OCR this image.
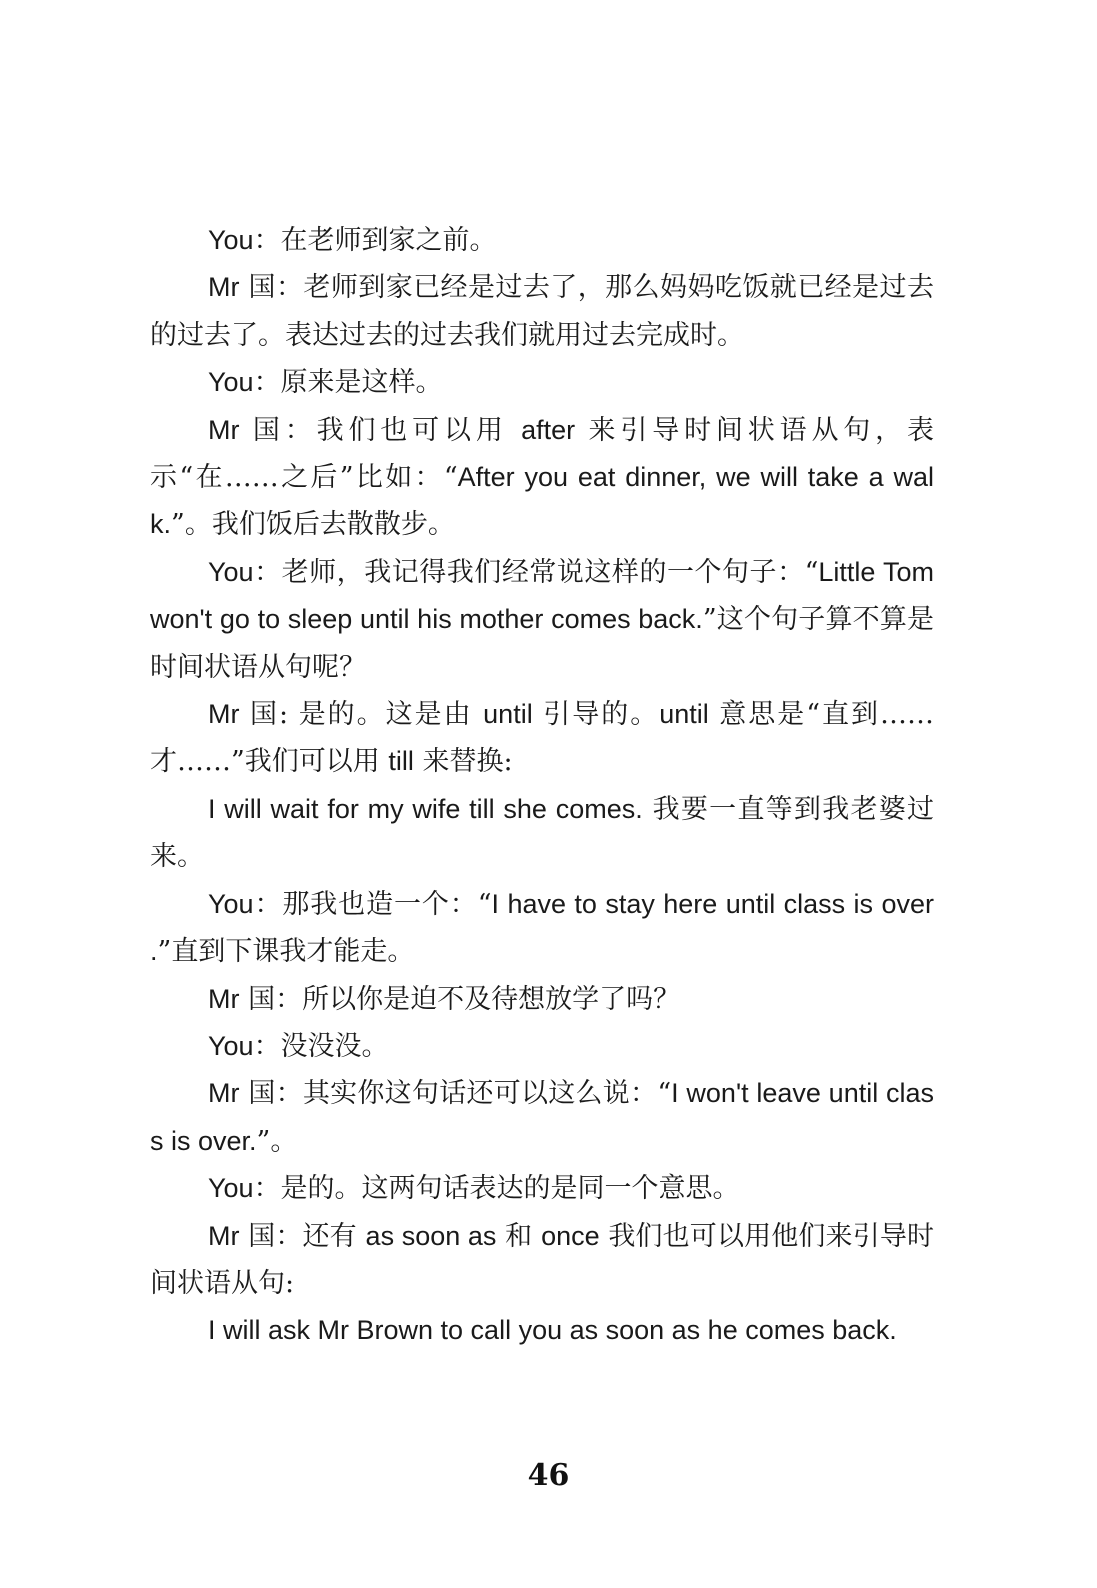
You：在老师到家之前。

Mr 国：老师到家已经是过去了，那么妈妈吃饭就已经是过去的过去了。表达过去的过去我们就用过去完成时。

You：原来是这样。

Mr 国：我们也可以用 after 来引导时间状语从句，表示“在……之后”比如：“After you eat dinner, we will take a walk.”。我们饭后去散散步。

You：老师，我记得我们经常说这样的一个句子：“Little Tom won't go to sleep until his mother comes back.”这个句子算不算是时间状语从句呢？

Mr 国: 是的。这是由 until 引导的。until 意思是“直到……才……”我们可以用 till 来替换:

I will wait for my wife till she comes. 我要一直等到我老婆过来。

You：那我也造一个：“I have to stay here until class is over .”直到下课我才能走。

Mr 国：所以你是迫不及待想放学了吗？

You：没没没。

Mr 国：其实你这句话还可以这么说：“I won't leave until class is over.”。

You：是的。这两句话表达的是同一个意思。

Mr 国：还有 as soon as 和 once 我们也可以用他们来引导时间状语从句:

I will ask Mr Brown to call you as soon as he comes back.

46
